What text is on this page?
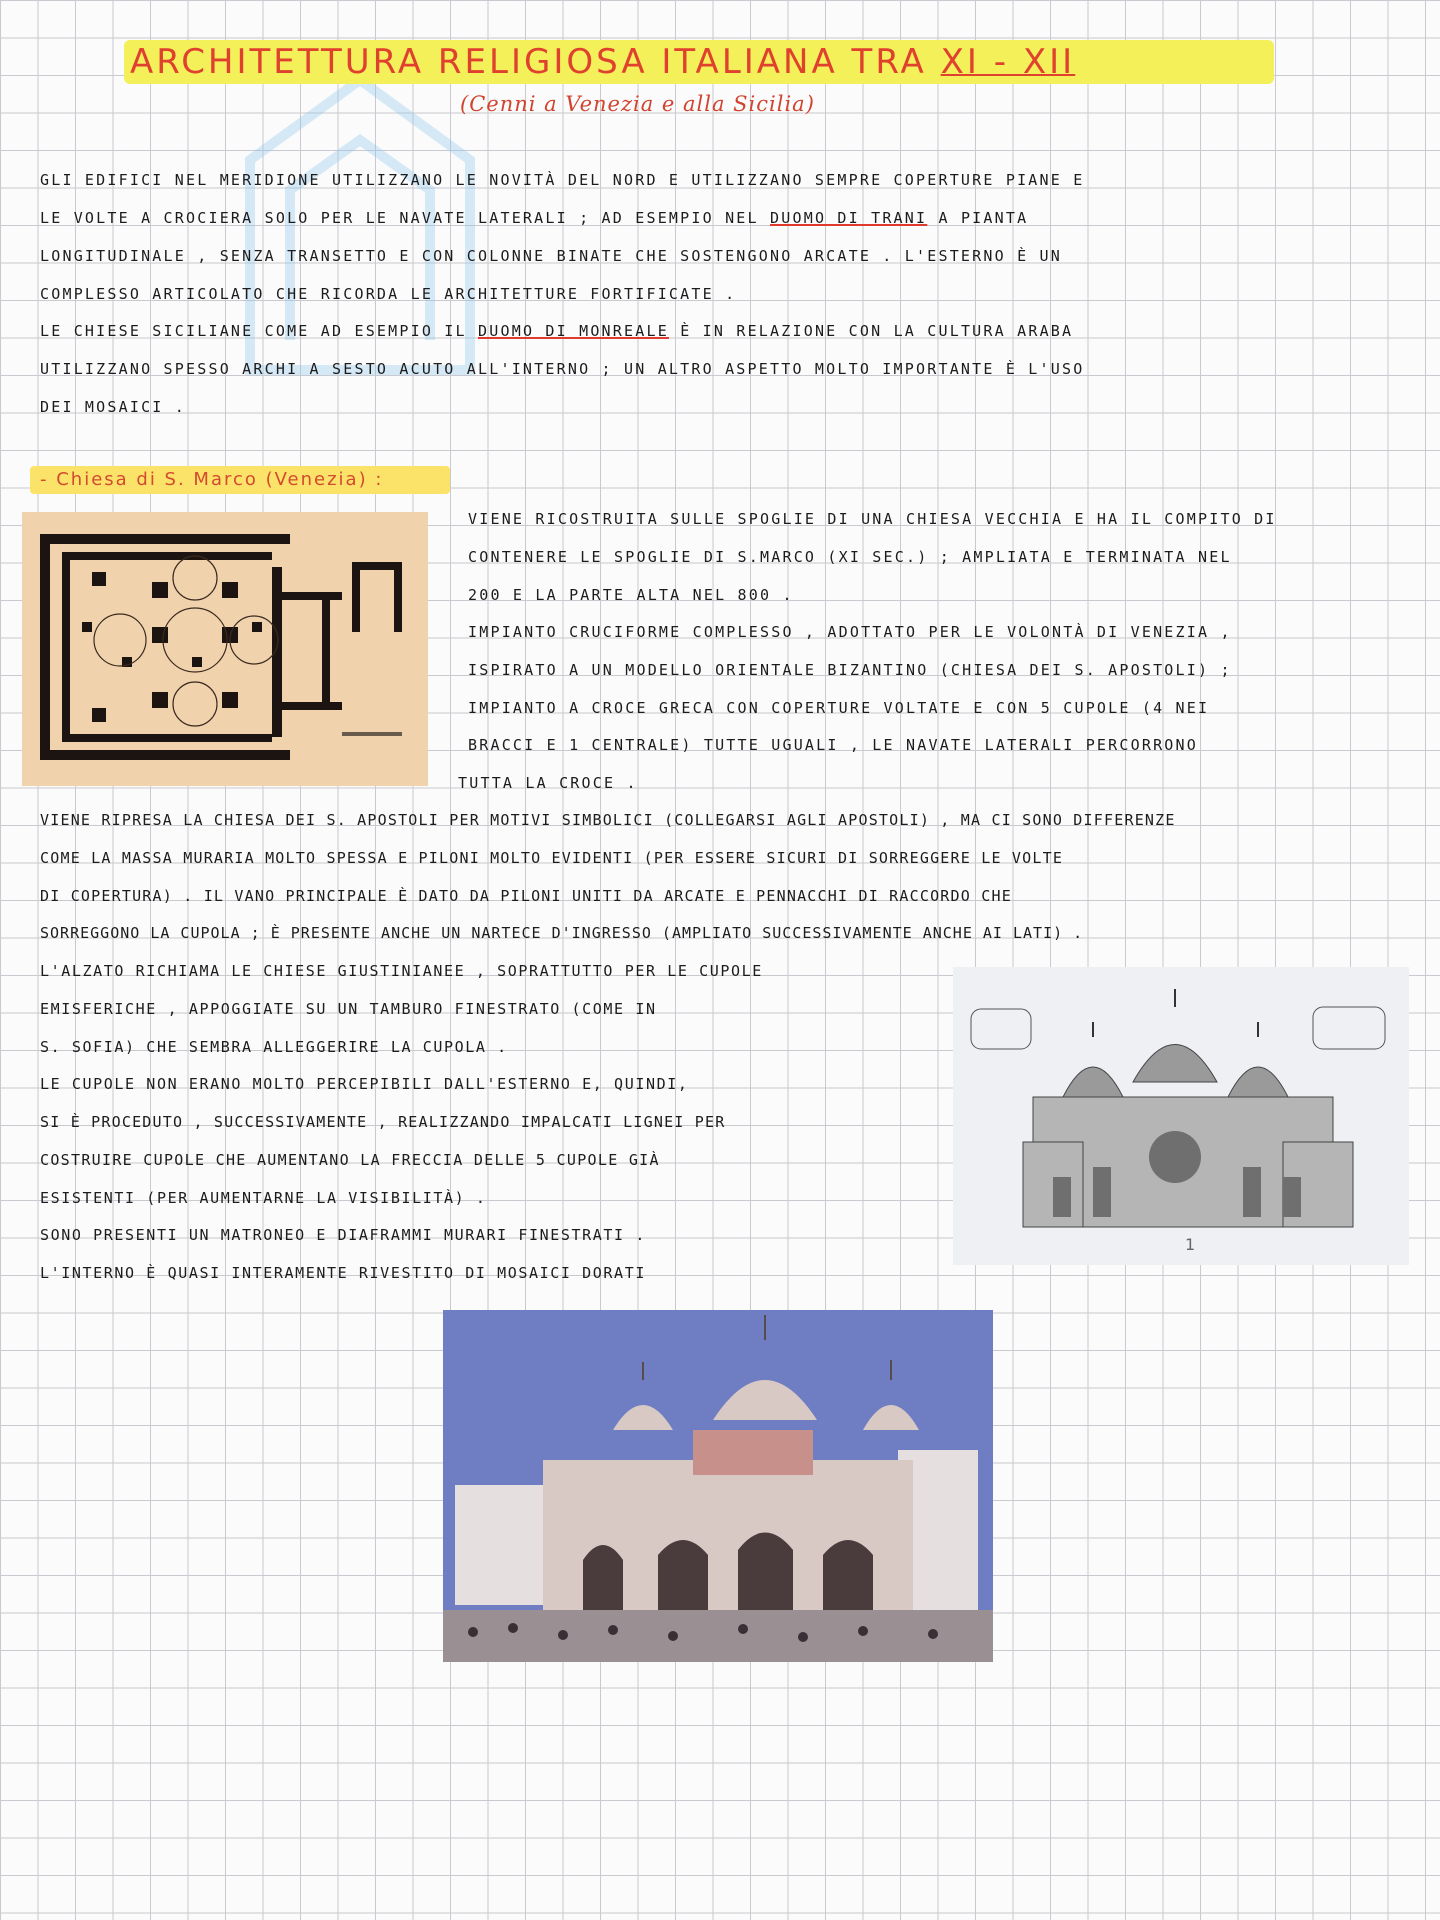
ARCHITETTURA RELIGIOSA ITALIANA TRA XI - XII
(Cenni a Venezia e alla Sicilia)
GLI EDIFICI NEL MERIDIONE UTILIZZANO LE NOVITÀ DEL NORD E UTILIZZANO SEMPRE COPERTURE PIANE E
LE VOLTE A CROCIERA SOLO PER LE NAVATE LATERALI ; AD ESEMPIO NEL DUOMO DI TRANI A PIANTA
LONGITUDINALE , SENZA TRANSETTO E CON COLONNE BINATE CHE SOSTENGONO ARCATE . L'ESTERNO È UN
COMPLESSO ARTICOLATO CHE RICORDA LE ARCHITETTURE FORTIFICATE .
LE CHIESE SICILIANE COME AD ESEMPIO IL DUOMO DI MONREALE È IN RELAZIONE CON LA CULTURA ARABA
UTILIZZANO SPESSO ARCHI A SESTO ACUTO ALL'INTERNO ; UN ALTRO ASPETTO MOLTO IMPORTANTE È L'USO
DEI MOSAICI .
- Chiesa di S. Marco (Venezia) :
VIENE RICOSTRUITA SULLE SPOGLIE DI UNA CHIESA VECCHIA E HA IL COMPITO DI
CONTENERE LE SPOGLIE DI S.MARCO (XI SEC.) ; AMPLIATA E TERMINATA NEL
200 E LA PARTE ALTA NEL 800 .
IMPIANTO CRUCIFORME COMPLESSO , ADOTTATO PER LE VOLONTÀ DI VENEZIA ,
ISPIRATO A UN MODELLO ORIENTALE BIZANTINO (CHIESA DEI S. APOSTOLI) ;
IMPIANTO A CROCE GRECA CON COPERTURE VOLTATE E CON 5 CUPOLE (4 NEI
BRACCI E 1 CENTRALE) TUTTE UGUALI , LE NAVATE LATERALI PERCORRONO
TUTTA LA CROCE .
VIENE RIPRESA LA CHIESA DEI S. APOSTOLI PER MOTIVI SIMBOLICI (COLLEGARSI AGLI APOSTOLI) , MA CI SONO DIFFERENZE
COME LA MASSA MURARIA MOLTO SPESSA E PILONI MOLTO EVIDENTI (PER ESSERE SICURI DI SORREGGERE LE VOLTE
DI COPERTURA) . IL VANO PRINCIPALE È DATO DA PILONI UNITI DA ARCATE E PENNACCHI DI RACCORDO CHE
SORREGGONO LA CUPOLA ; È PRESENTE ANCHE UN NARTECE D'INGRESSO (AMPLIATO SUCCESSIVAMENTE ANCHE AI LATI) .
L'ALZATO RICHIAMA LE CHIESE GIUSTINIANEE , SOPRATTUTTO PER LE CUPOLE
EMISFERICHE , APPOGGIATE SU UN TAMBURO FINESTRATO (COME IN
S. SOFIA) CHE SEMBRA ALLEGGERIRE LA CUPOLA .
LE CUPOLE NON ERANO MOLTO PERCEPIBILI DALL'ESTERNO E, QUINDI,
SI È PROCEDUTO , SUCCESSIVAMENTE , REALIZZANDO IMPALCATI LIGNEI PER
COSTRUIRE CUPOLE CHE AUMENTANO LA FRECCIA DELLE 5 CUPOLE GIÀ
ESISTENTI (PER AUMENTARNE LA VISIBILITÀ) .
SONO PRESENTI UN MATRONEO E DIAFRAMMI MURARI FINESTRATI .
L'INTERNO È QUASI INTERAMENTE RIVESTITO DI MOSAICI DORATI
1
